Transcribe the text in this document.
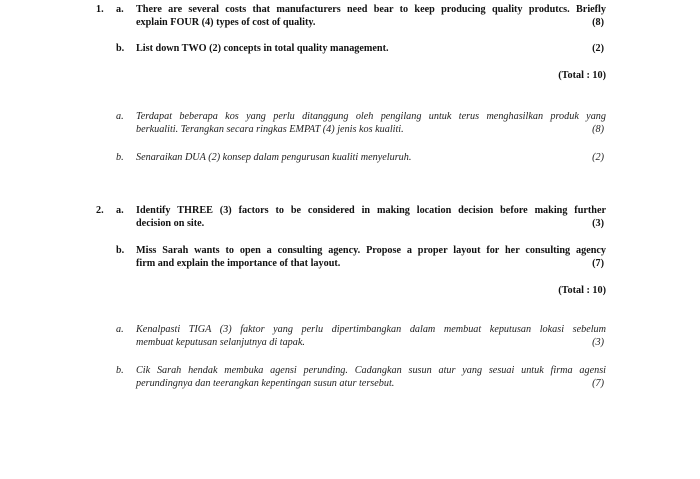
1. a. There are several costs that manufacturers need bear to keep producing quality produtcs. Briefly
explain FOUR (4) types of cost of quality.	(8)
b. List down TWO (2) concepts in total quality management.	(2)
(Total : 10)
a. Terdapat beberapa kos yang perlu ditanggung oleh pengilang untuk terus menghasilkan produk yang
berkualiti. Terangkan secara ringkas EMPAT (4) jenis kos kualiti.	(8)
b. Senaraikan DUA (2) konsep dalam pengurusan kualiti menyeluruh.	(2)
2. a. Identify THREE (3) factors to be considered in making location decision before making further
decision on site.	(3)
b. Miss Sarah wants to open a consulting agency. Propose a proper layout for her consulting agency
firm and explain the importance of that layout.	(7)
(Total : 10)
a. Kenalpasti TIGA (3) faktor yang perlu dipertimbangkan dalam membuat keputusan lokasi sebelum
membuat keputusan selanjutnya di tapak.	(3)
b. Cik Sarah hendak membuka agensi perunding. Cadangkan susun atur yang sesuai untuk firma agensi
perundingnya dan teerangkan kepentingan susun atur tersebut.	(7)
